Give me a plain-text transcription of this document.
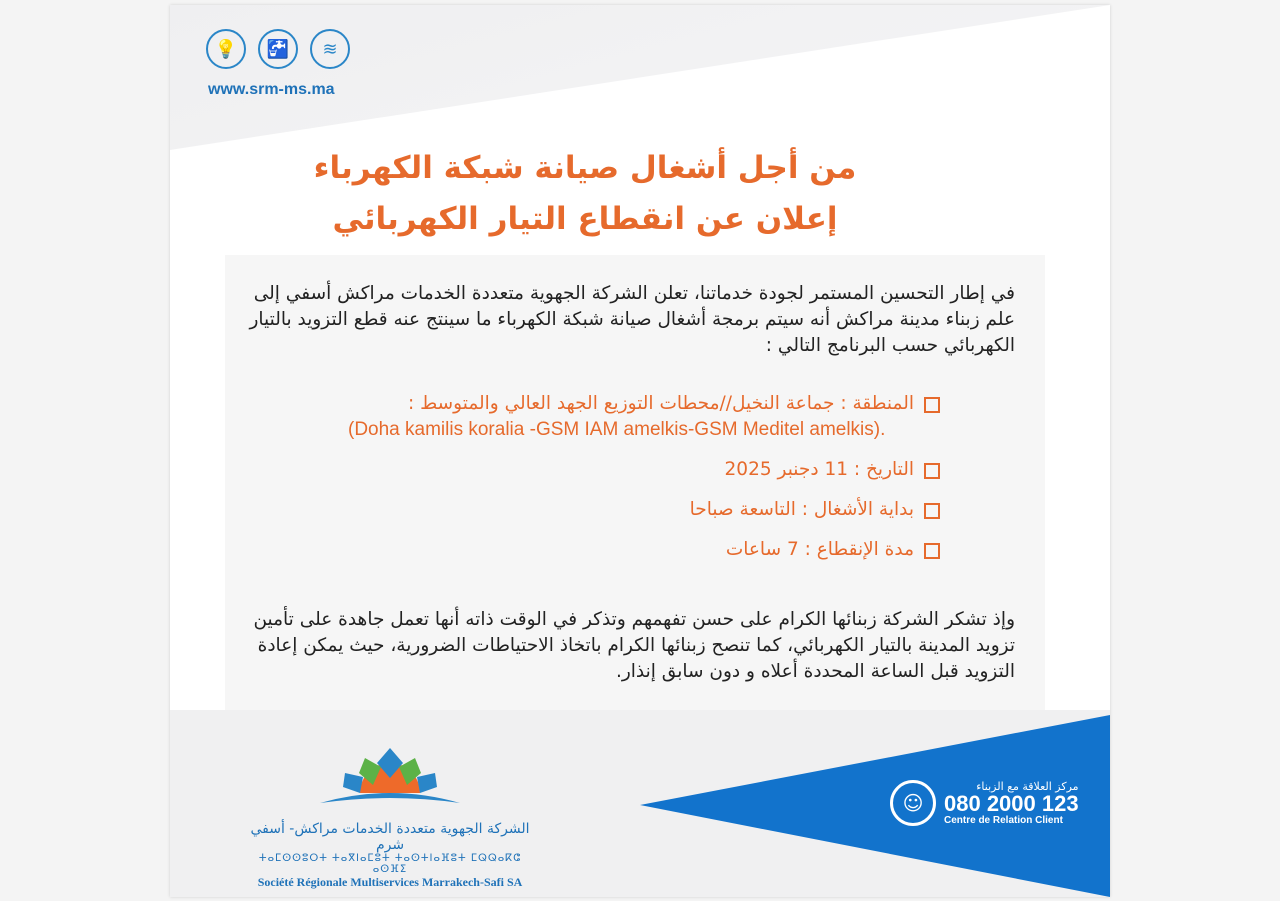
💡	🚰	≋
www.srm-ms.ma
من أجل أشغال صيانة شبكة الكهرباء
إعلان عن انقطاع التيار الكهربائي
في إطار التحسين المستمر لجودة خدماتنا، تعلن الشركة الجهوية متعددة الخدمات مراكش أسفي إلى علم زبناء مدينة مراكش أنه سيتم برمجة أشغال صيانة شبكة الكهرباء ما سينتج عنه قطع التزويد بالتيار الكهربائي حسب البرنامج التالي :
المنطقة : جماعة النخيل//محطات التوزيع الجهد العالي والمتوسط :
(Doha kamilis koralia -GSM IAM amelkis-GSM Meditel amelkis).
التاريخ : 11 دجنبر 2025
بداية الأشغال : التاسعة صباحا
مدة الإنقطاع : 7 ساعات
وإذ تشكر الشركة زبنائها الكرام على حسن تفهمهم وتذكر في الوقت ذاته أنها تعمل جاهدة على تأمين تزويد المدينة بالتيار الكهربائي، كما تنصح زبنائها الكرام باتخاذ الاحتياطات الضرورية، حيث يمكن إعادة التزويد قبل الساعة المحددة أعلاه و دون سابق إنذار.
الشركة الجهوية متعددة الخدمات مراكش- أسفي شرم
ⵜⴰⵎⵙⵙⵓⵔⵜ ⵜⴰⴳⵏⴰⵎⵓⵜ ⵜⴰⵙⵜⵏⴰⴼⵓⵜ ⵎⵕⵕⴰⴽⵛ ⴰⵙⴼⵉ
Société Régionale Multiservices Marrakech-Safi SA
☺
مركز العلاقة مع الزبناء
080 2000 123
Centre de Relation Client
